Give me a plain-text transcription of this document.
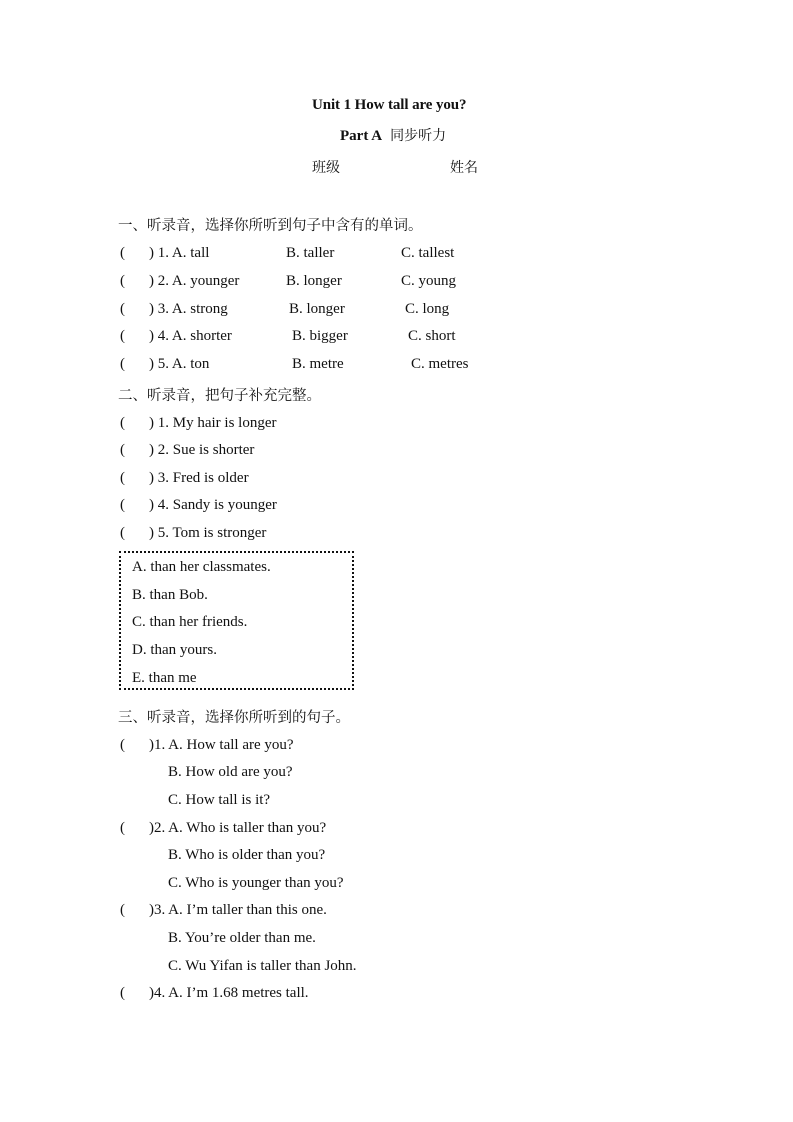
Unit 1 How tall are you?
Part A 同步听力
班级	姓名
一、听录音，选择你所听到句子中含有的单词。
( ) 1. A. tall	B. taller	C. tallest
( ) 2. A. younger	B. longer	C. young
( ) 3. A. strong	B. longer	C. long
( ) 4. A. shorter	B. bigger	C. short
( ) 5. A. ton	B. metre	C. metres
二、听录音，把句子补充完整。
( ) 1. My hair is longer
( ) 2. Sue is shorter
( ) 3. Fred is older
( ) 4. Sandy is younger
( ) 5. Tom is stronger
A. than her classmates.
B. than Bob.
C. than her friends.
D. than yours.
E. than me
三、听录音，选择你所听到的句子。
( )1. A. How tall are you?
B. How old are you?
C. How tall is it?
( )2. A. Who is taller than you?
B. Who is older than you?
C. Who is younger than you?
( )3. A. I’m taller than this one.
B. You’re older than me.
C. Wu Yifan is taller than John.
( )4. A. I’m 1.68 metres tall.
